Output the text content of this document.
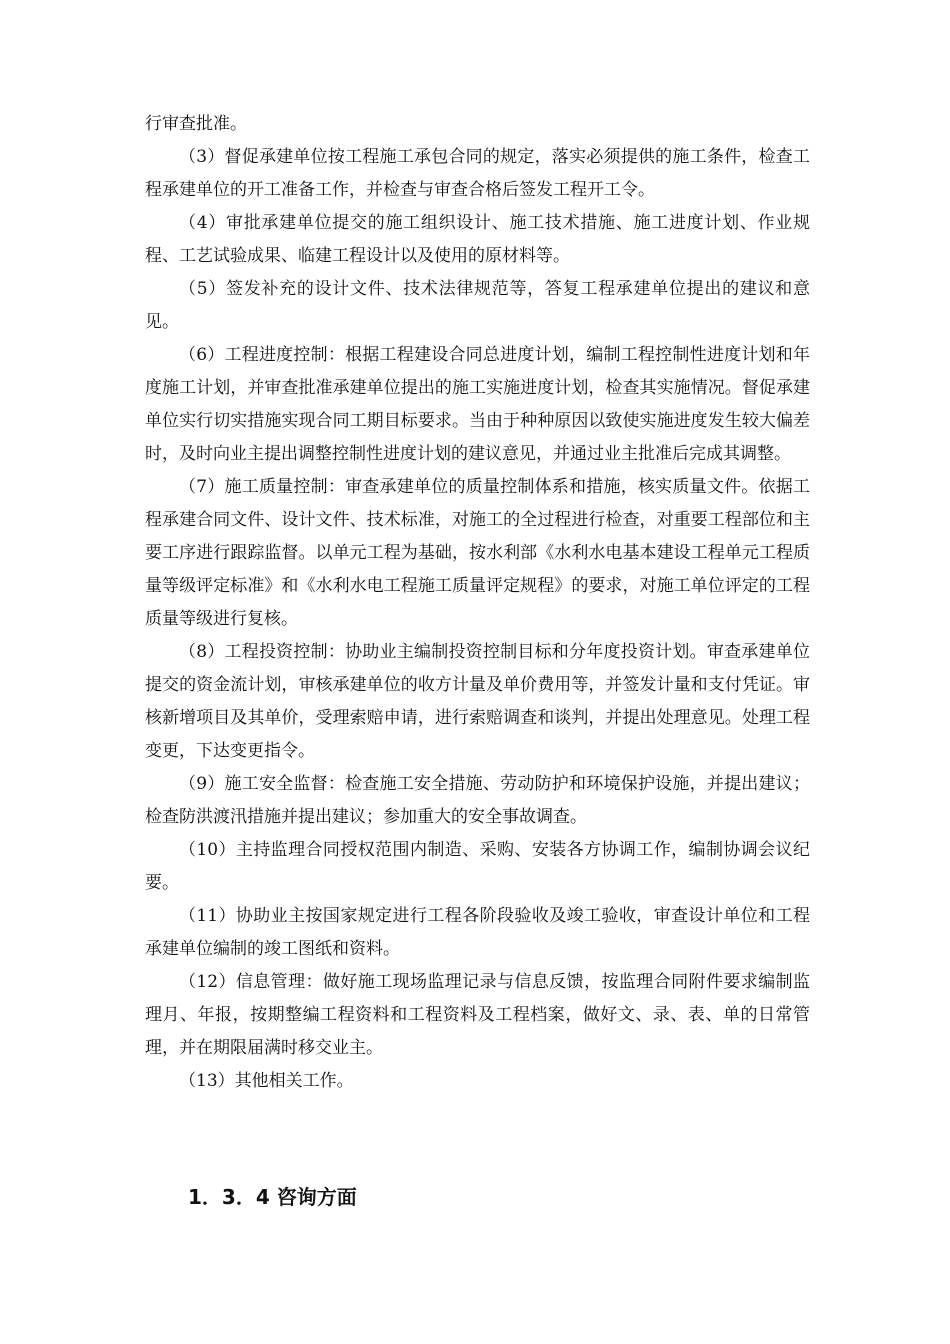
行审查批准。

（3）督促承建单位按工程施工承包合同的规定，落实必须提供的施工条件，检查工程承建单位的开工准备工作，并检查与审查合格后签发工程开工令。

（4）审批承建单位提交的施工组织设计、施工技术措施、施工进度计划、作业规程、工艺试验成果、临建工程设计以及使用的原材料等。

（5）签发补充的设计文件、技术法律规范等，答复工程承建单位提出的建议和意见。

（6）工程进度控制：根据工程建设合同总进度计划，编制工程控制性进度计划和年度施工计划，并审查批准承建单位提出的施工实施进度计划，检查其实施情况。督促承建单位实行切实措施实现合同工期目标要求。当由于种种原因以致使实施进度发生较大偏差时，及时向业主提出调整控制性进度计划的建议意见，并通过业主批准后完成其调整。

（7）施工质量控制：审查承建单位的质量控制体系和措施，核实质量文件。依据工程承建合同文件、设计文件、技术标准，对施工的全过程进行检查，对重要工程部位和主要工序进行跟踪监督。以单元工程为基础，按水利部《水利水电基本建设工程单元工程质量等级评定标准》和《水利水电工程施工质量评定规程》的要求，对施工单位评定的工程质量等级进行复核。

（8）工程投资控制：协助业主编制投资控制目标和分年度投资计划。审查承建单位提交的资金流计划，审核承建单位的收方计量及单价费用等，并签发计量和支付凭证。审核新增项目及其单价，受理索赔申请，进行索赔调查和谈判，并提出处理意见。处理工程变更，下达变更指令。

（9）施工安全监督：检查施工安全措施、劳动防护和环境保护设施，并提出建议；检查防洪渡汛措施并提出建议；参加重大的安全事故调查。

（10）主持监理合同授权范围内制造、采购、安装各方协调工作，编制协调会议纪要。

（11）协助业主按国家规定进行工程各阶段验收及竣工验收，审查设计单位和工程承建单位编制的竣工图纸和资料。

（12）信息管理：做好施工现场监理记录与信息反馈，按监理合同附件要求编制监理月、年报，按期整编工程资料和工程资料及工程档案，做好文、录、表、单的日常管理，并在期限届满时移交业主。

（13）其他相关工作。

1．3．4 咨询方面
